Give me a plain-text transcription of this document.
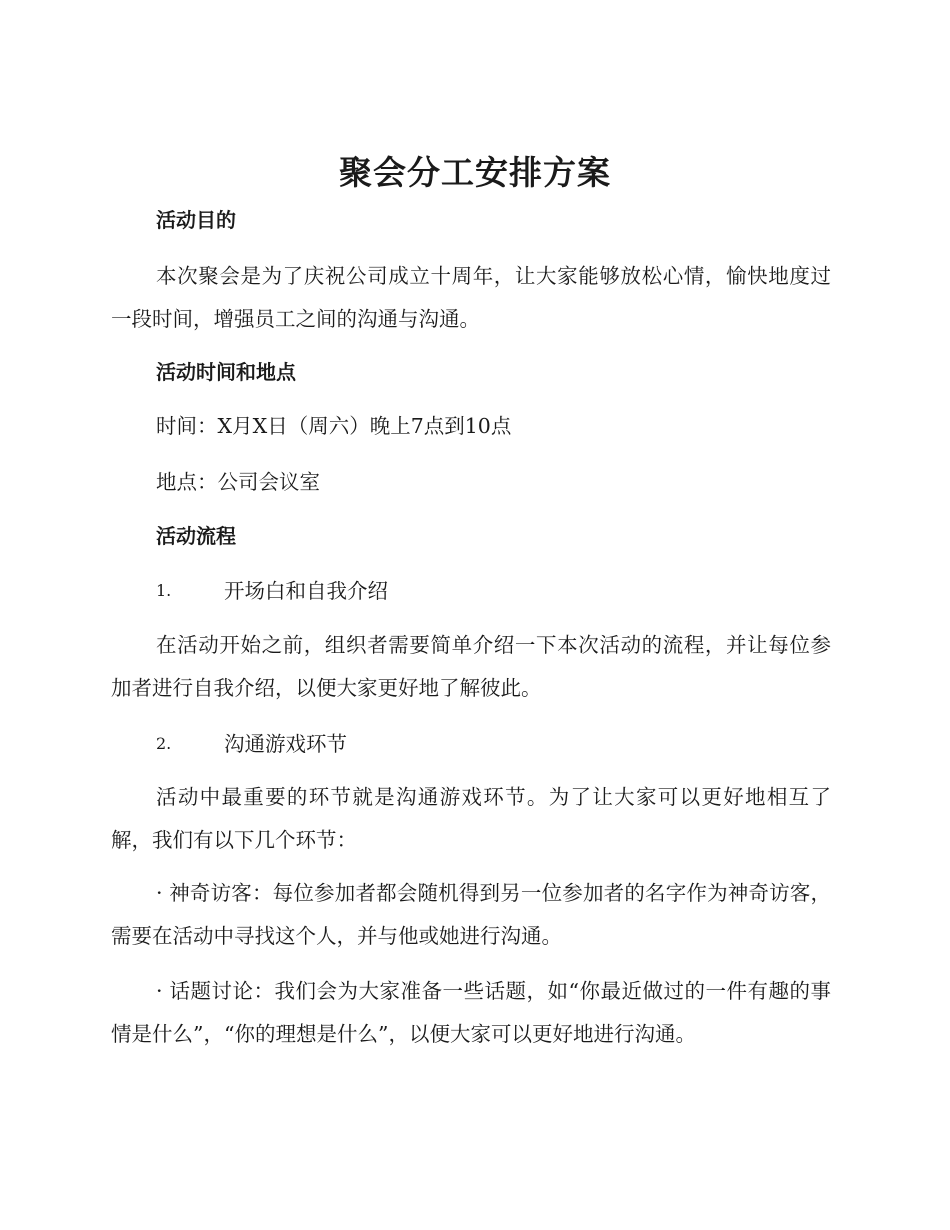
聚会分工安排方案
活动目的
本次聚会是为了庆祝公司成立十周年，让大家能够放松心情，愉快地度过一段时间，增强员工之间的沟通与沟通。
活动时间和地点
时间：X月X日（周六）晚上7点到10点
地点：公司会议室
活动流程
1.	开场白和自我介绍
在活动开始之前，组织者需要简单介绍一下本次活动的流程，并让每位参加者进行自我介绍，以便大家更好地了解彼此。
2.	沟通游戏环节
活动中最重要的环节就是沟通游戏环节。为了让大家可以更好地相互了解，我们有以下几个环节：
· 神奇访客：每位参加者都会随机得到另一位参加者的名字作为神奇访客，需要在活动中寻找这个人，并与他或她进行沟通。
· 话题讨论：我们会为大家准备一些话题，如“你最近做过的一件有趣的事情是什么”，“你的理想是什么”，以便大家可以更好地进行沟通。
